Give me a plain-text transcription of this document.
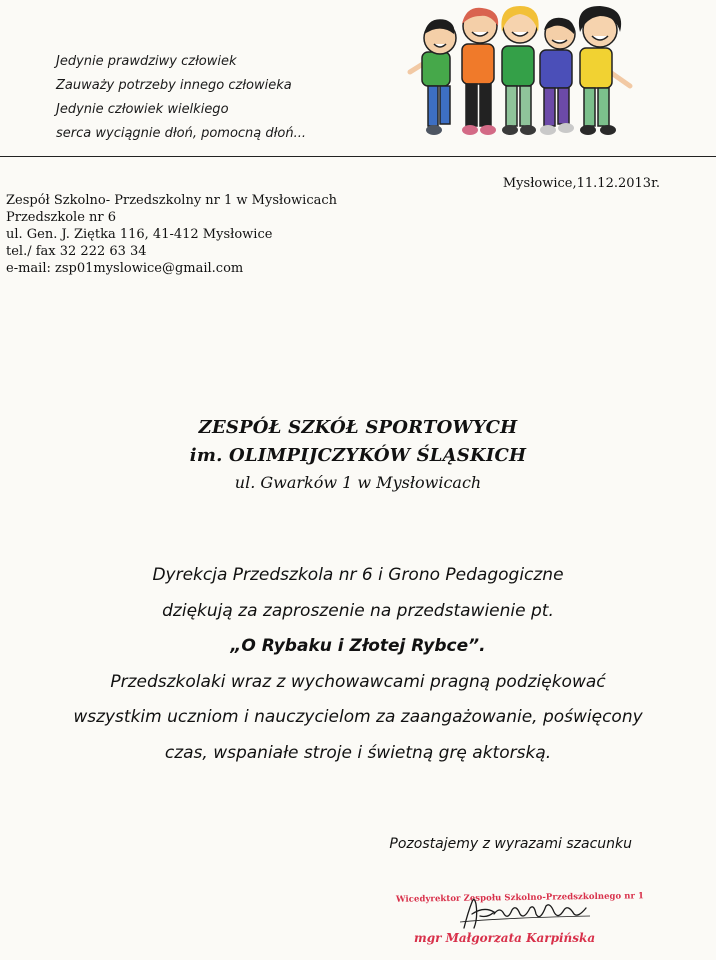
Jedynie prawdziwy człowiek
Zauważy potrzeby innego człowieka
Jedynie człowiek wielkiego
serca wyciągnie dłoń, pomocną dłoń...
Mysłowice,11.12.2013r.
Zespół Szkolno- Przedszkolny nr 1 w Mysłowicach
Przedszkole nr 6
ul. Gen. J. Ziętka 116, 41-412 Mysłowice
tel./ fax 32 222 63 34
e-mail: zsp01myslowice@gmail.com
ZESPÓŁ SZKÓŁ SPORTOWYCH
im. OLIMPIJCZYKÓW ŚLĄSKICH
ul. Gwarków 1 w Mysłowicach
Dyrekcja Przedszkola nr 6 i Grono Pedagogiczne
dziękują za zaproszenie na przedstawienie pt.
„O Rybaku i Złotej Rybce”.
Przedszkolaki wraz z wychowawcami pragną podziękować
wszystkim uczniom i nauczycielom za zaangażowanie, poświęcony
czas, wspaniałe stroje i świetną grę aktorską.
Pozostajemy z wyrazami szacunku
Wicedyrektor Zespołu Szkolno-Przedszkolnego nr 1
mgr Małgorzata Karpińska
